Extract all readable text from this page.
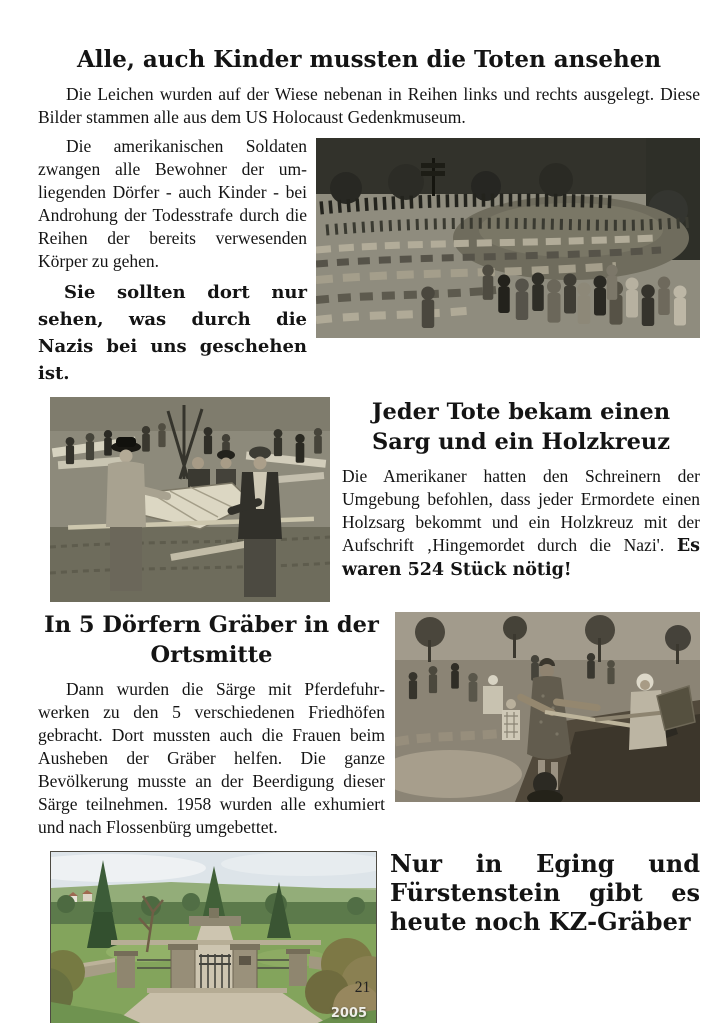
Alle, auch Kinder mussten die Toten ansehen

Die Leichen wurden auf der Wiese nebenan in Reihen links und rechts ausgelegt. Diese Bilder stammen alle aus dem US Holocaust Gedenkmuseum.

Die amerikanischen Soldaten zwangen alle Bewohner der umliegenden Dörfer - auch Kinder - bei Androhung der Todesstrafe durch die Reihen der bereits verwesenden Körper zu gehen.

Sie sollten dort nur sehen, was durch die Nazis bei uns geschehen ist.

Jeder Tote bekam einen
Sarg und ein Holzkreuz

Die Amerikaner hatten den Schreinern der Umgebung befohlen, dass jeder Ermordete einen Holzsarg bekommt und ein Holzkreuz mit der Aufschrift ‚Hingemordet durch die Nazi'. Es waren 524 Stück nötig!

In 5 Dörfern Gräber in der
Ortsmitte

Dann wurden die Särge mit Pferdefuhrwerken zu den 5 verschiedenen Friedhöfen gebracht. Dort mussten auch die Frauen beim Ausheben der Gräber helfen. Die ganze Bevölkerung musste an der Beerdigung dieser Särge teilnehmen. 1958 wurden alle exhumiert und nach Flossenbürg umgebettet.

2005

Nur in Eging und Fürstenstein gibt es heute noch KZ-Gräber

21
